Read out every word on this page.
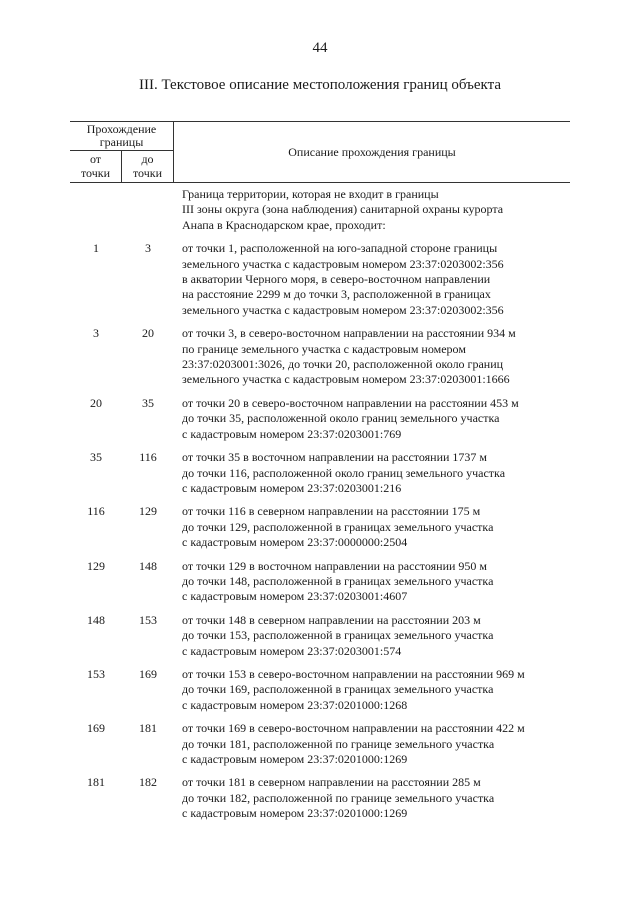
44
III. Текстовое описание местоположения границ объекта
Прохождение
границы
от
точки
до
точки
Описание прохождения границы
Граница территории, которая не входит в границы
III зоны округа (зона наблюдения) санитарной охраны курорта
Анапа в Краснодарском крае, проходит:
1	3	от точки 1, расположенной на юго-западной стороне границы
земельного участка с кадастровым номером 23:37:0203002:356
в акватории Черного моря, в северо-восточном направлении
на расстояние 2299 м до точки 3, расположенной в границах
земельного участка с кадастровым номером 23:37:0203002:356
3	20	от точки 3, в северо-восточном направлении на расстоянии 934 м
по границе земельного участка с кадастровым номером
23:37:0203001:3026, до точки 20, расположенной около границ
земельного участка с кадастровым номером 23:37:0203001:1666
20	35	от точки 20 в северо-восточном направлении на расстоянии 453 м
до точки 35, расположенной около границ земельного участка
с кадастровым номером 23:37:0203001:769
35	116	от точки 35 в восточном направлении на расстоянии 1737 м
до точки 116, расположенной около границ земельного участка
с кадастровым номером 23:37:0203001:216
116	129	от точки 116 в северном направлении на расстоянии 175 м
до точки 129, расположенной в границах земельного участка
с кадастровым номером 23:37:0000000:2504
129	148	от точки 129 в восточном направлении на расстоянии 950 м
до точки 148, расположенной в границах земельного участка
с кадастровым номером 23:37:0203001:4607
148	153	от точки 148 в северном направлении на расстоянии 203 м
до точки 153, расположенной в границах земельного участка
с кадастровым номером 23:37:0203001:574
153	169	от точки 153 в северо-восточном направлении на расстоянии 969 м
до точки 169, расположенной в границах земельного участка
с кадастровым номером 23:37:0201000:1268
169	181	от точки 169 в северо-восточном направлении на расстоянии 422 м
до точки 181, расположенной по границе земельного участка
с кадастровым номером 23:37:0201000:1269
181	182	от точки 181 в северном направлении на расстоянии 285 м
до точки 182, расположенной по границе земельного участка
с кадастровым номером 23:37:0201000:1269
